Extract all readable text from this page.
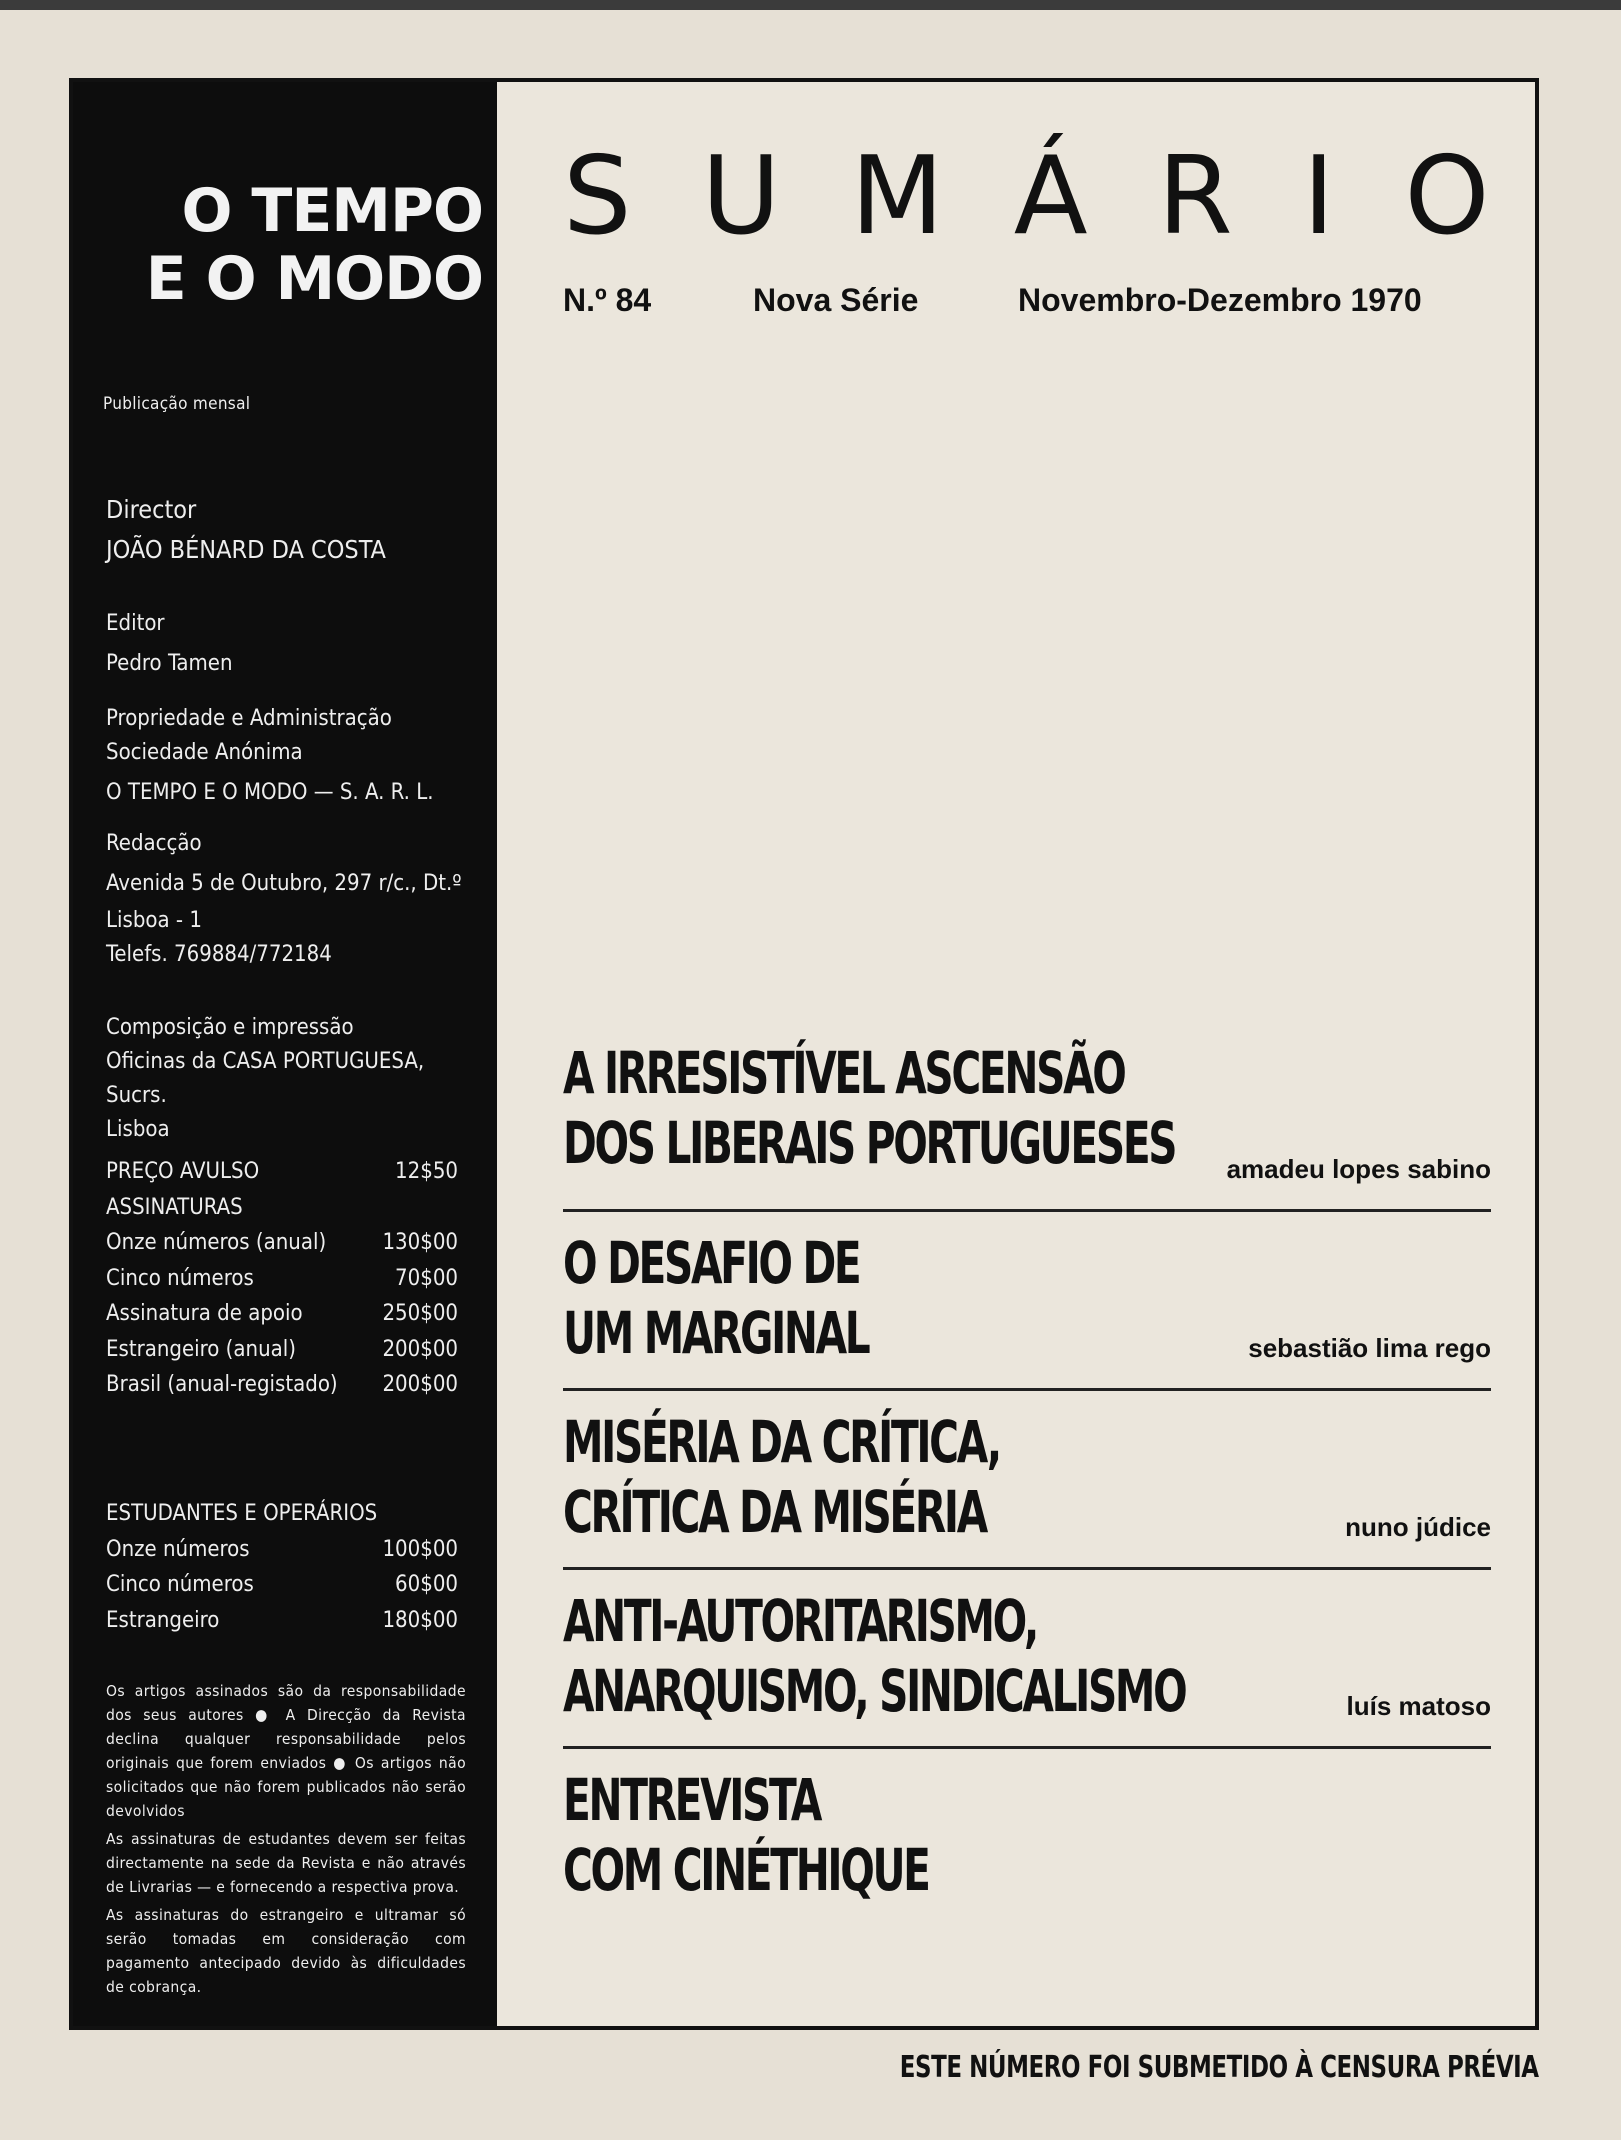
O TEMPO
E O MODO
Publicação mensal
Director
JOÃO BÉNARD DA COSTA
Editor
Pedro Tamen
Propriedade e Administração
Sociedade Anónima
O TEMPO E O MODO — S. A. R. L.
Redacção
Avenida 5 de Outubro, 297 r/c., Dt.º
Lisboa - 1
Telefs. 769884/772184
Composição e impressão
Oficinas da CASA PORTUGUESA, Sucrs.
Lisboa
PREÇO AVULSO	12$50
ASSINATURAS
Onze números (anual)	130$00
Cinco números	70$00
Assinatura de apoio	250$00
Estrangeiro (anual)	200$00
Brasil (anual-registado) 200$00
ESTUDANTES E OPERÁRIOS
Onze números	100$00
Cinco números	60$00
Estrangeiro	180$00

Os artigos assinados são da responsabilidade dos seus autores ● A Direcção da Revista declina qualquer responsabilidade pelos originais que forem enviados ● Os artigos não solicitados que não forem publicados não serão devolvidos

As assinaturas de estudantes devem ser feitas directamente na sede da Revista e não através de Livrarias — e fornecendo a respectiva prova.

As assinaturas do estrangeiro e ultramar só serão tomadas em consideração com pagamento antecipado devido às dificuldades de cobrança.

SUMÁRIO
N.º 84	Nova Série	Novembro-Dezembro 1970
A IRRESISTÍVEL ASCENSÃO
DOS LIBERAIS PORTUGUESES amadeu lopes sabino
O DESAFIO DE
UM MARGINAL	sebastião lima rego
MISÉRIA DA CRÍTICA,
CRÍTICA DA MISÉRIA	nuno júdice
ANTI-AUTORITARISMO,
ANARQUISMO, SINDICALISMO	luís matoso
ENTREVISTA
COM CINÉTHIQUE
ESTE NÚMERO FOI SUBMETIDO À CENSURA PRÉVIA
